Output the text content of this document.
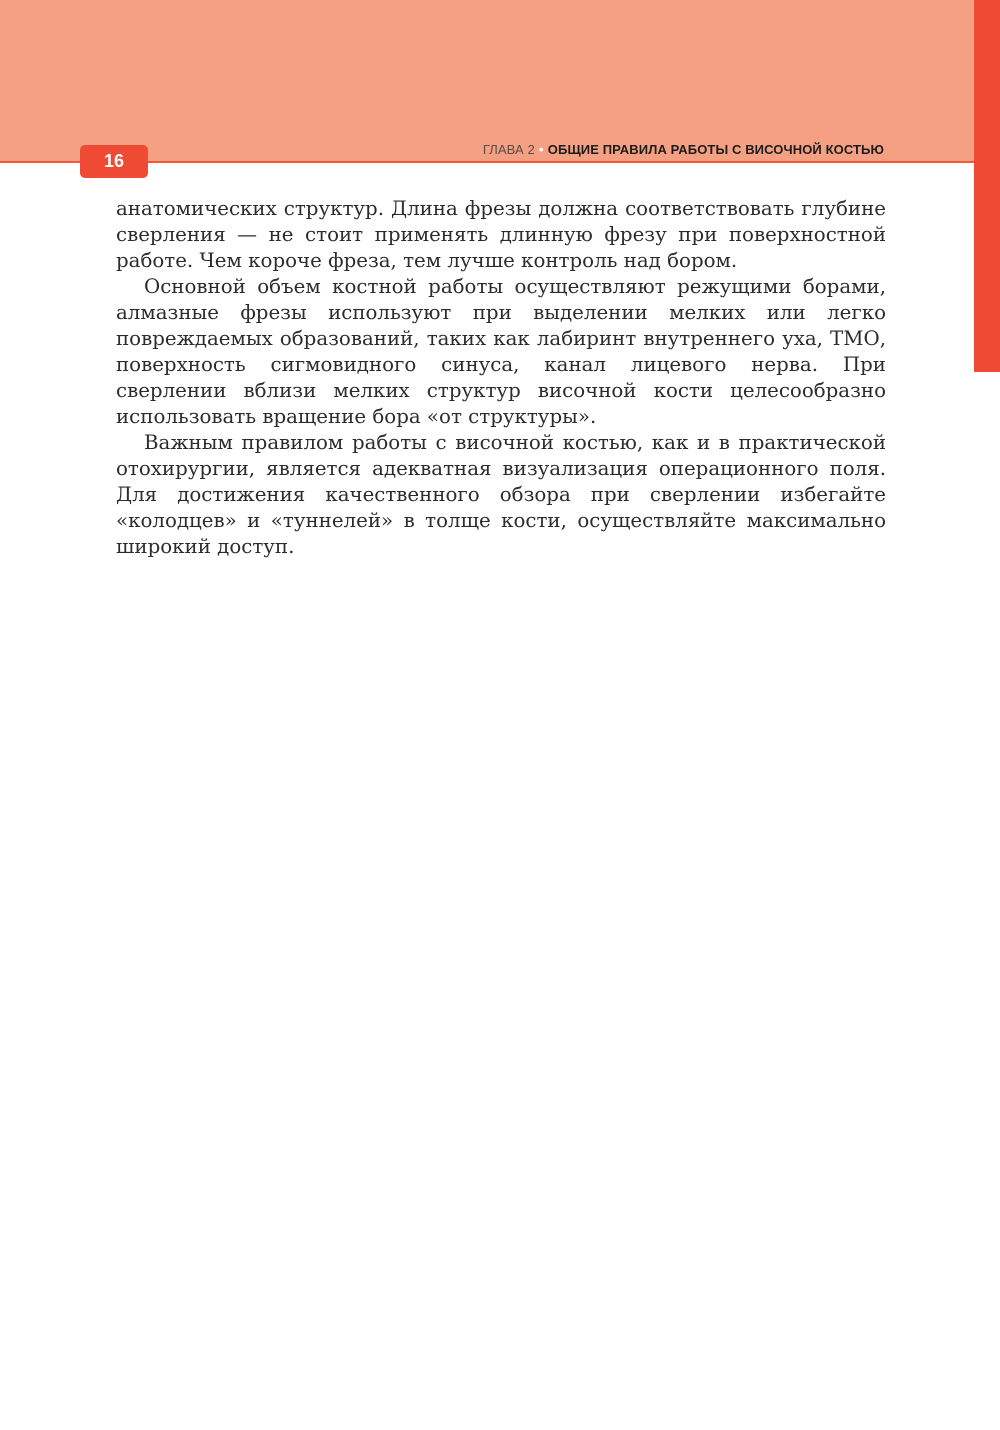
16
ГЛАВА 2 • ОБЩИЕ ПРАВИЛА РАБОТЫ С ВИСОЧНОЙ КОСТЬЮ

анатомических структур. Длина фрезы должна соответствовать глубине сверления — не стоит применять длинную фрезу при поверхностной работе. Чем короче фреза, тем лучше контроль над бором.

Основной объем костной работы осуществляют режущими борами, алмазные фрезы используют при выделении мелких или легко повреждаемых образований, таких как лабиринт внутреннего уха, ТМО, поверхность сигмовидного синуса, канал лицевого нерва. При сверлении вблизи мелких структур височной кости целесообразно использовать вращение бора «от структуры».

Важным правилом работы с височной костью, как и в практической отохирургии, является адекватная визуализация операционного поля. Для достижения качественного обзора при сверлении избегайте «колодцев» и «туннелей» в толще кости, осуществляйте максимально широкий доступ.
